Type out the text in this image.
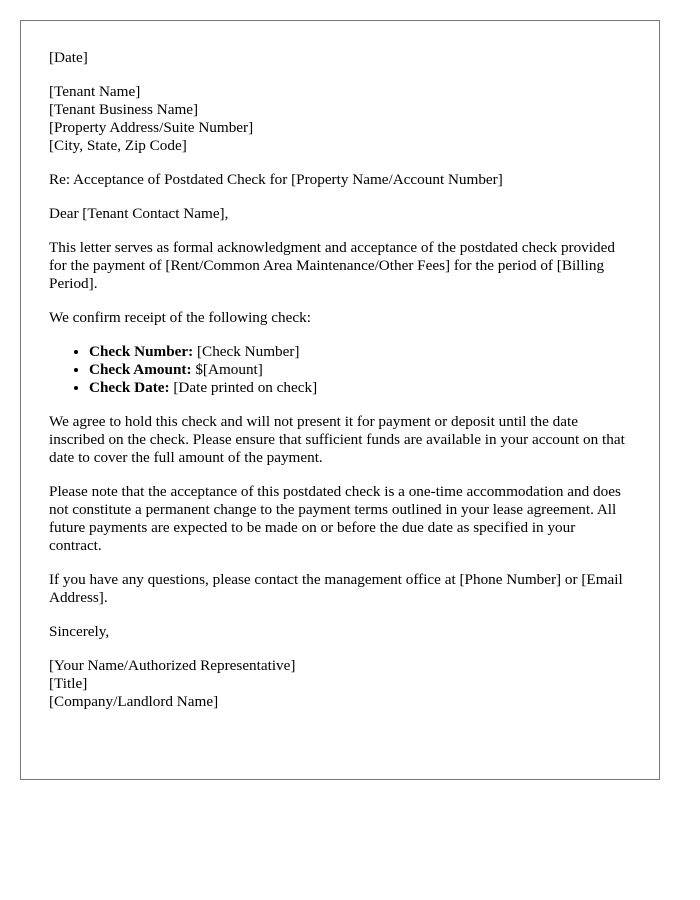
[Date]

[Tenant Name]
[Tenant Business Name]
[Property Address/Suite Number]
[City, State, Zip Code]

Re: Acceptance of Postdated Check for [Property Name/Account Number]

Dear [Tenant Contact Name],

This letter serves as formal acknowledgment and acceptance of the postdated check provided for the payment of [Rent/Common Area Maintenance/Other Fees] for the period of [Billing Period].

We confirm receipt of the following check:

• Check Number: [Check Number]
• Check Amount: $[Amount]
• Check Date: [Date printed on check]

We agree to hold this check and will not present it for payment or deposit until the date inscribed on the check. Please ensure that sufficient funds are available in your account on that date to cover the full amount of the payment.

Please note that the acceptance of this postdated check is a one-time accommodation and does not constitute a permanent change to the payment terms outlined in your lease agreement. All future payments are expected to be made on or before the due date as specified in your contract.

If you have any questions, please contact the management office at [Phone Number] or [Email Address].

Sincerely,

[Your Name/Authorized Representative]
[Title]
[Company/Landlord Name]
